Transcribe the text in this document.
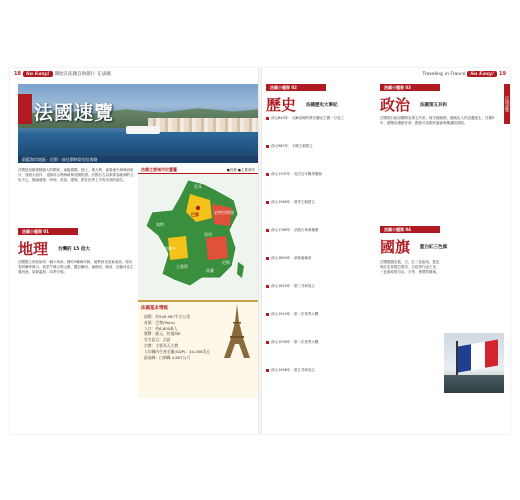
18	So Easy!	開始在法國自助旅行 在法國
法國速覽
蔚藍海岸地區 · 尼斯 · 前往摩納哥的沿海路
法國是西歐面積最大的國家，東臨德國、瑞士、義大利，南靠地中海與西班牙，西面大西洋，北隔英吉利海峽與英國相望。法國自古以來即為歐洲的文化中心，無論藝術、時尚、美食、建築，都在世界上享有崇高的地位。
法國小檔案 01
地理 台灣的 15 倍大
法國國土形狀如同一個六角形，擁有3種海岸線，地勢西北低東南高，境內有阿爾卑斯山、庇里牛斯山等山脈，羅亞爾河、塞納河、隆河、加倫河為主要河流，氣候溫和，四季分明。
法國主要城市位置圖	●首都 ●主要城市
里耳
巴黎	史特拉斯堡
南特
里昂
波爾多
土魯斯
尼斯
馬賽
法國基本情報
面積：約549,087平方公里
首都：巴黎(Paris)
人口：約6,800萬人
貨幣：歐元，符號為€
官方語言：法語
宗教：主要為天主教
人均國內生產毛額(GDP)：44,408美元
最高峰：白朗峰 4,807公尺
Traveling in France	So Easy!	19
法國速覽
法國小檔案 02
歷史 法國歷史大事紀
西元843年：凡爾登條約將法蘭克王國一分為三
西元987年：卡佩王朝建立
西元1337年：英法百年戰爭爆發
西元1589年：波旁王朝建立
西元1789年：法國大革命爆發
西元1804年：拿破崙稱帝
西元1870年：第三共和成立
西元1914年：第一次世界大戰
西元1939年：第二次世界大戰
西元1958年：第五共和成立
法國小檔案 03
政治 法國第五共和
法國現行政治體制為第五共和，採半總統制，總統由人民直選產生，任期5年，總理由總統任命，國會分為國民議會與參議院兩院。
法國小檔案 04
國旗 藍白紅三色旗
法國國旗由藍、白、紅三色組成，藍色與紅色象徵巴黎市，白色則代表王室，三色旗象徵自由、平等、博愛的精神。
